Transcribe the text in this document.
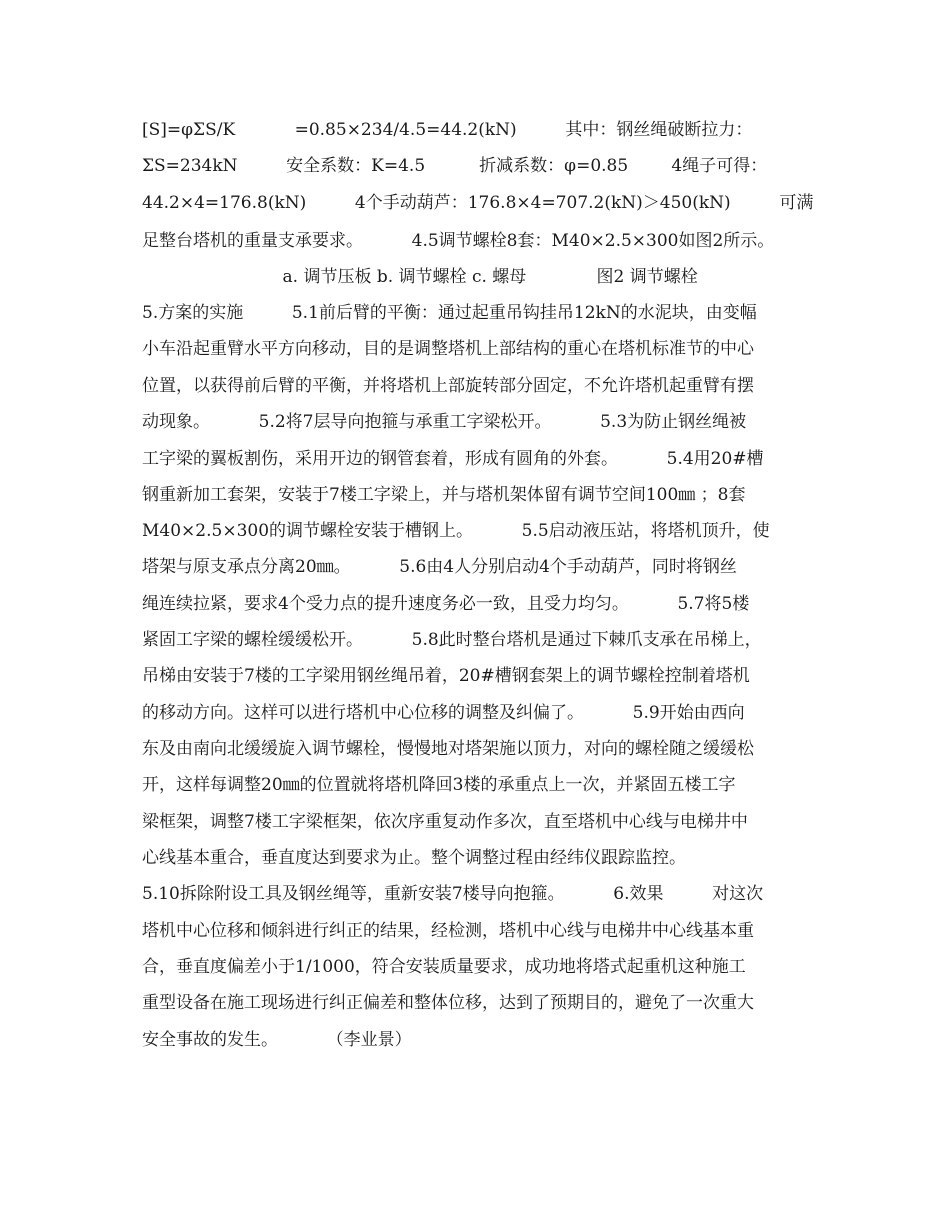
[S]=φΣS/K           =0.85×234/4.5=44.2(kN)         其中：钢丝绳破断拉力：
ΣS=234kN         安全系数：K=4.5          折减系数：φ=0.85        4绳子可得：
44.2×4=176.8(kN)         4个手动葫芦：176.8×4=707.2(kN)＞450(kN)         可满
足整台塔机的重量支承要求。         4.5调节螺栓8套：M40×2.5×300如图2所示。
a. 调节压板 b. 调节螺栓 c. 螺母             图2 调节螺栓
5.方案的实施         5.1前后臂的平衡：通过起重吊钩挂吊12kN的水泥块，由变幅
小车沿起重臂水平方向移动，目的是调整塔机上部结构的重心在塔机标准节的中心
位置，以获得前后臂的平衡，并将塔机上部旋转部分固定，不允许塔机起重臂有摆
动现象。         5.2将7层导向抱箍与承重工字梁松开。         5.3为防止钢丝绳被
工字梁的翼板割伤，采用开边的钢管套着，形成有圆角的外套。         5.4用20#槽
钢重新加工套架，安装于7楼工字梁上，并与塔机架体留有调节空间100㎜ ；8套
M40×2.5×300的调节螺栓安装于槽钢上。         5.5启动液压站，将塔机顶升，使
塔架与原支承点分离20㎜。         5.6由4人分别启动4个手动葫芦，同时将钢丝
绳连续拉紧，要求4个受力点的提升速度务必一致，且受力均匀。         5.7将5楼
紧固工字梁的螺栓缓缓松开。         5.8此时整台塔机是通过下棘爪支承在吊梯上，
吊梯由安装于7楼的工字梁用钢丝绳吊着，20#槽钢套架上的调节螺栓控制着塔机
的移动方向。这样可以进行塔机中心位移的调整及纠偏了。         5.9开始由西向
东及由南向北缓缓旋入调节螺栓，慢慢地对塔架施以顶力，对向的螺栓随之缓缓松
开，这样每调整20㎜的位置就将塔机降回3楼的承重点上一次，并紧固五楼工字
梁框架，调整7楼工字梁框架，依次序重复动作多次，直至塔机中心线与电梯井中
心线基本重合，垂直度达到要求为止。整个调整过程由经纬仪跟踪监控。
5.10拆除附设工具及钢丝绳等，重新安装7楼导向抱箍。         6.效果         对这次
塔机中心位移和倾斜进行纠正的结果，经检测，塔机中心线与电梯井中心线基本重
合，垂直度偏差小于1/1000，符合安装质量要求，成功地将塔式起重机这种施工
重型设备在施工现场进行纠正偏差和整体位移，达到了预期目的，避免了一次重大
安全事故的发生。         （李业景）
